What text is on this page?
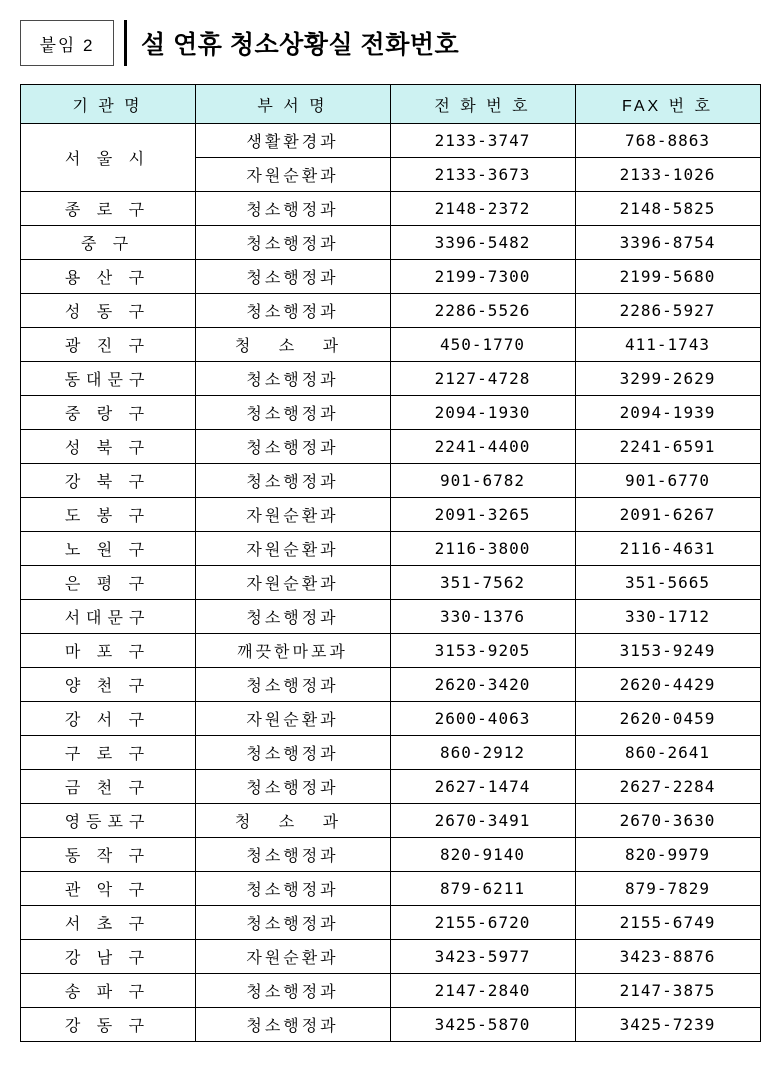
붙임 2 설 연휴 청소상황실 전화번호
기 관 명	부 서 명	전 화 번 호	FAX 번 호
서 울 시	생활환경과	2133-3747	768-8863
	자원순환과	2133-3673	2133-1026
종 로 구	청소행정과	2148-2372	2148-5825
중 구	청소행정과	3396-5482	3396-8754
용 산 구	청소행정과	2199-7300	2199-5680
성 동 구	청소행정과	2286-5526	2286-5927
광 진 구	청 소 과	450-1770	411-1743
동대문구	청소행정과	2127-4728	3299-2629
중 랑 구	청소행정과	2094-1930	2094-1939
성 북 구	청소행정과	2241-4400	2241-6591
강 북 구	청소행정과	901-6782	901-6770
도 봉 구	자원순환과	2091-3265	2091-6267
노 원 구	자원순환과	2116-3800	2116-4631
은 평 구	자원순환과	351-7562	351-5665
서대문구	청소행정과	330-1376	330-1712
마 포 구	깨끗한마포과	3153-9205	3153-9249
양 천 구	청소행정과	2620-3420	2620-4429
강 서 구	자원순환과	2600-4063	2620-0459
구 로 구	청소행정과	860-2912	860-2641
금 천 구	청소행정과	2627-1474	2627-2284
영등포구	청 소 과	2670-3491	2670-3630
동 작 구	청소행정과	820-9140	820-9979
관 악 구	청소행정과	879-6211	879-7829
서 초 구	청소행정과	2155-6720	2155-6749
강 남 구	자원순환과	3423-5977	3423-8876
송 파 구	청소행정과	2147-2840	2147-3875
강 동 구	청소행정과	3425-5870	3425-7239
